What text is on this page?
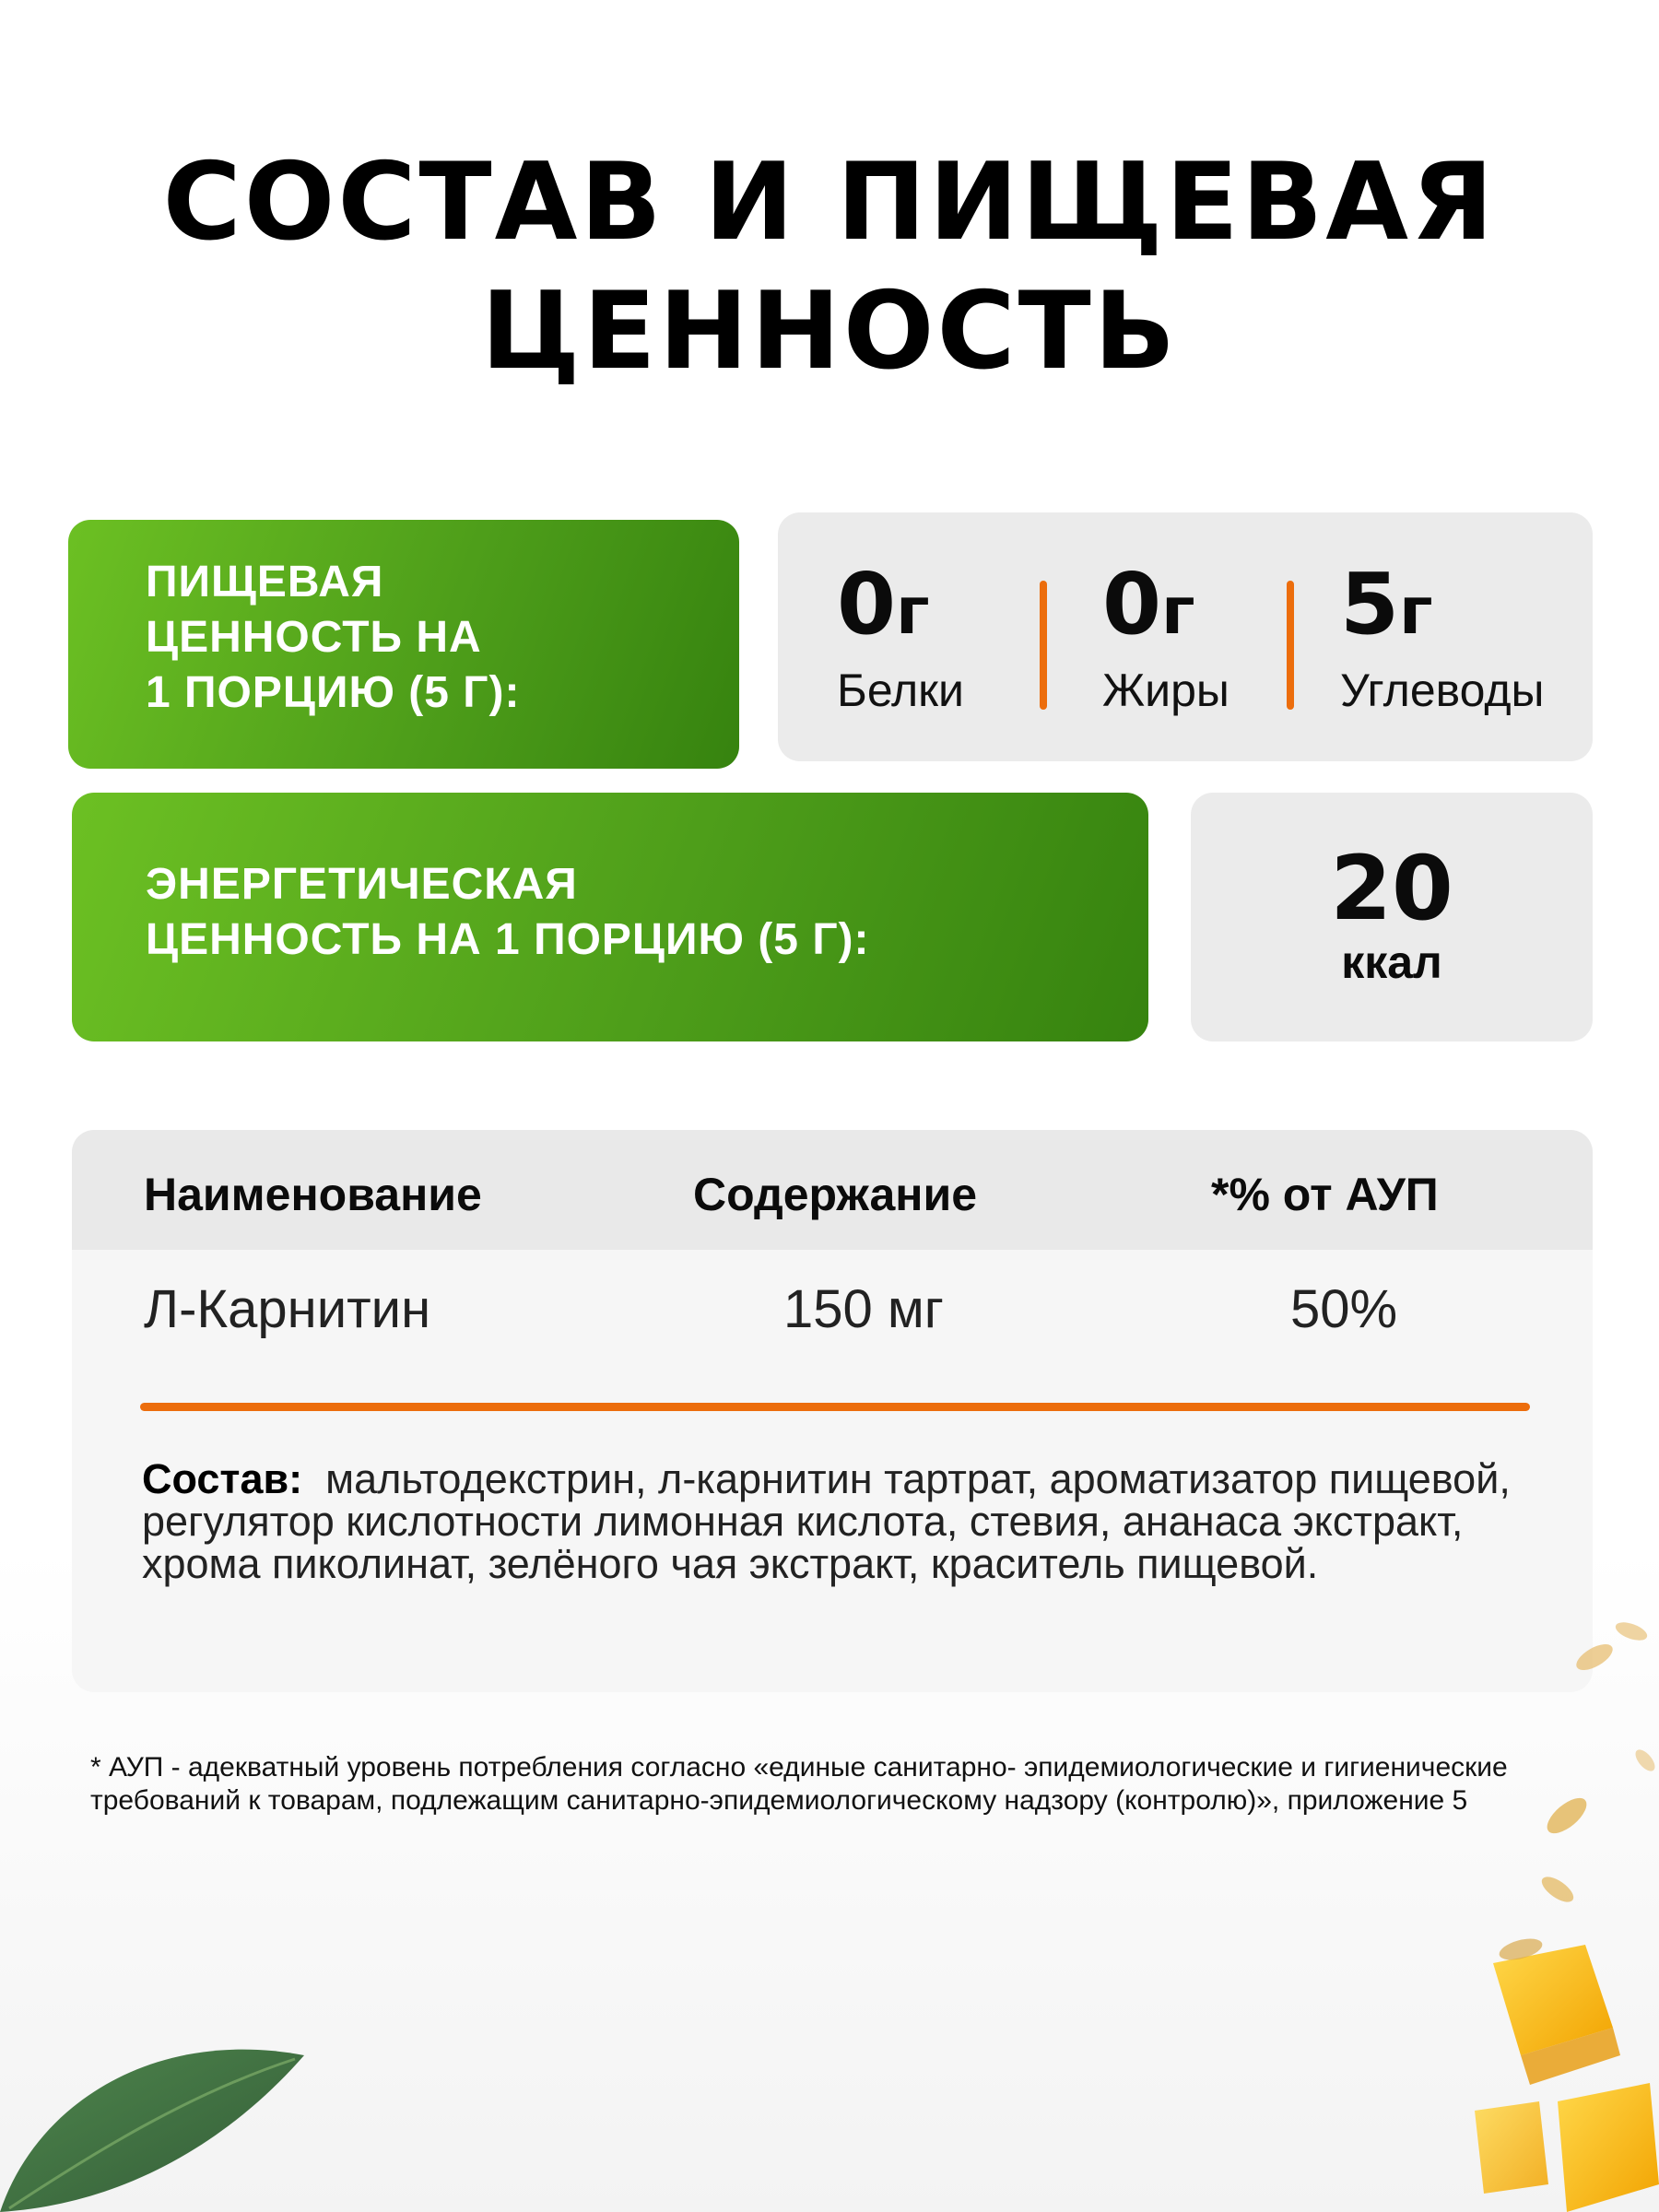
СОСТАВ И ПИЩЕВАЯ
ЦЕННОСТЬ
ПИЩЕВАЯ
ЦЕННОСТЬ НА
1 ПОРЦИЮ (5 Г):
0г
Белки
0г
Жиры
5г
Углеводы
ЭНЕРГЕТИЧЕСКАЯ
ЦЕННОСТЬ НА 1 ПОРЦИЮ (5 Г):	20
ккал
Наименование	Содержание	*% от АУП
Л-Карнитин	150 мг	50%
Состав: мальтодекстрин, л-карнитин тартрат, ароматизатор пищевой, регулятор кислотности лимонная кислота, стевия, ананаса экстракт, хрома пиколинат, зелёного чая экстракт, краситель пищевой.
* АУП - адекватный уровень потребления согласно «единые санитарно- эпидемиологические и гигиенические требований к товарам, подлежащим санитарно-эпидемиологическому надзору (контролю)», приложение 5
